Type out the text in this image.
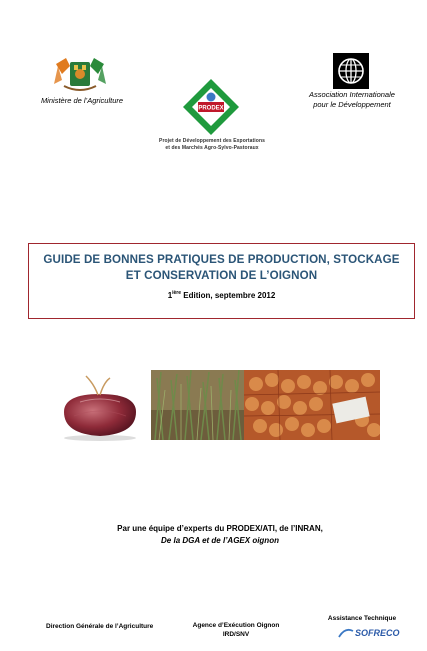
Ministère de l’Agriculture
PRODEX
Projet de Développement des Exportations
et des Marchés Agro-Sylvo-Pastoraux
Association Internationale
pour le Développement
GUIDE DE BONNES PRATIQUES DE PRODUCTION, STOCKAGE
ET CONSERVATION DE L’OIGNON
$1^{ière}$ Edition, septembre 2012
Par une équipe d’experts du PRODEX/ATI, de l’INRAN,
De la DGA et de l’AGEX oignon
Direction Générale de l’Agriculture	Agence d’Exécution Oignon
IRD/SNV
Assistance Technique
SOFRECO
